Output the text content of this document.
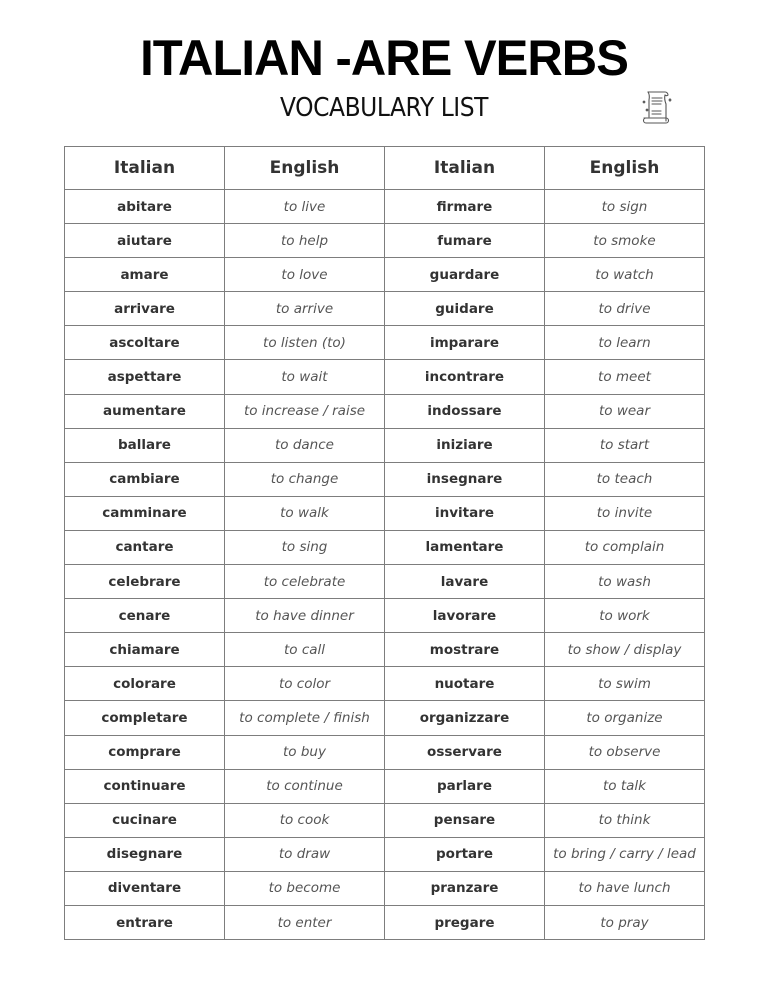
ITALIAN -ARE VERBS
VOCABULARY LIST
Italian	English	Italian	English
abitare	to live	firmare	to sign
aiutare	to help	fumare	to smoke
amare	to love	guardare	to watch
arrivare	to arrive	guidare	to drive
ascoltare	to listen (to)	imparare	to learn
aspettare	to wait	incontrare	to meet
aumentare	to increase / raise	indossare	to wear
ballare	to dance	iniziare	to start
cambiare	to change	insegnare	to teach
camminare	to walk	invitare	to invite
cantare	to sing	lamentare	to complain
celebrare	to celebrate	lavare	to wash
cenare	to have dinner	lavorare	to work
chiamare	to call	mostrare	to show / display
colorare	to color	nuotare	to swim
completare	to complete / finish	organizzare	to organize
comprare	to buy	osservare	to observe
continuare	to continue	parlare	to talk
cucinare	to cook	pensare	to think
disegnare	to draw	portare	to bring / carry / lead
diventare	to become	pranzare	to have lunch
entrare	to enter	pregare	to pray
